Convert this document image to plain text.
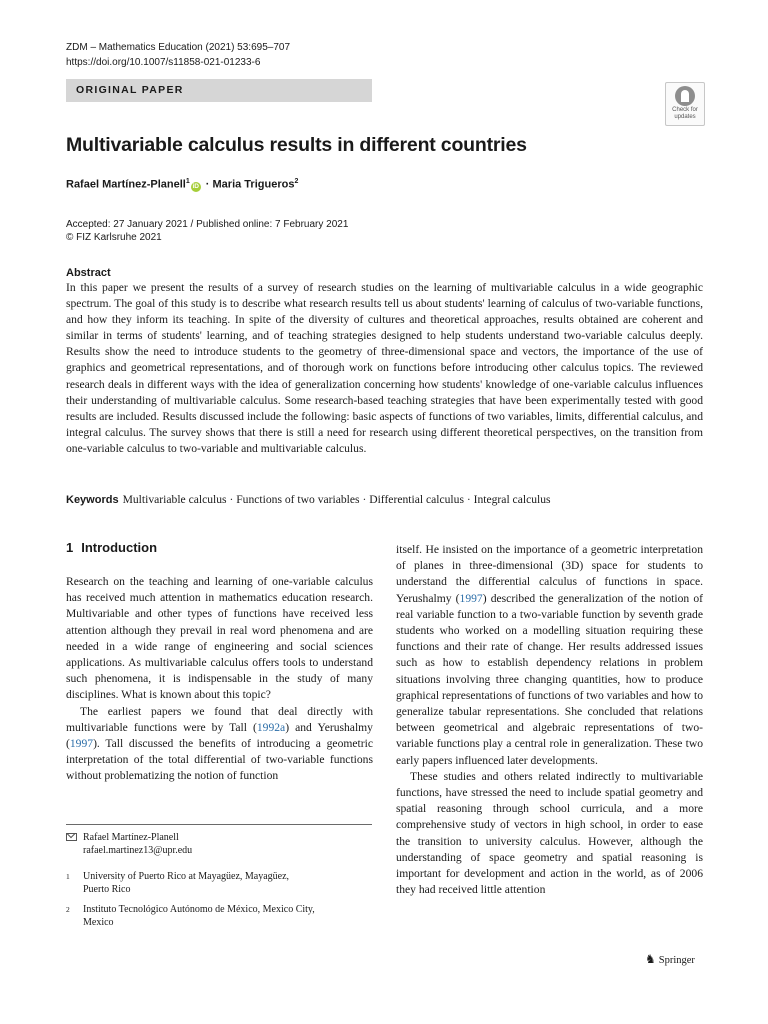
ZDM – Mathematics Education (2021) 53:695–707
https://doi.org/10.1007/s11858-021-01233-6
ORIGINAL PAPER
Check for
updates
Multivariable calculus results in different countries
Rafael Martínez-Planell$^1$iD · Maria Trigueros$^2$
Accepted: 27 January 2021 / Published online: 7 February 2021
© FIZ Karlsruhe 2021
Abstract

In this paper we present the results of a survey of research studies on the learning of multivariable calculus in a wide geographic spectrum. The goal of this study is to describe what research results tell us about students' learning of calculus of two-variable functions, and how they inform its teaching. In spite of the diversity of cultures and theoretical approaches, results obtained are coherent and similar in terms of students' learning, and of teaching strategies designed to help students understand two-variable calculus deeply. Results show the need to introduce students to the geometry of three-dimensional space and vectors, the importance of the use of graphics and geometrical representations, and of thorough work on functions before introducing other calculus topics. The reviewed research deals in different ways with the idea of generalization concerning how students' knowledge of one-variable calculus influences their understanding of multivariable calculus. Some research-based teaching strategies that have been experimentally tested with good results are included. Results discussed include the following: basic aspects of functions of two variables, limits, differential calculus, and integral calculus. The survey shows that there is still a need for research using different theoretical perspectives, on the transition from one-variable calculus to two-variable and multivariable calculus.

Keywords Multivariable calculus · Functions of two variables · Differential calculus · Integral calculus
1 Introduction

Research on the teaching and learning of one-variable calculus has received much attention in mathematics education research. Multivariable and other types of functions have received less attention although they prevail in real word phenomena and are needed in a wide range of engineering and social sciences applications. As multivariable calculus offers tools to understand such phenomena, it is indispensable in the study of many disciplines. What is known about this topic?

The earliest papers we found that deal directly with multivariable functions were by Tall (1992a) and Yerushalmy (1997). Tall discussed the benefits of introducing a geometric interpretation of the total differential of two-variable functions without problematizing the notion of function

itself. He insisted on the importance of a geometric interpretation of planes in three-dimensional (3D) space for students to understand the differential calculus of functions in space. Yerushalmy (1997) described the generalization of the notion of real variable function to a two-variable function by seventh grade students who worked on a modelling situation requiring these functions and their rate of change. Her results addressed issues such as how to establish dependency relations in problem situations involving three changing quantities, how to produce graphical representations of functions of two variables and how to generalize tabular representations. She concluded that relations between geometrical and algebraic representations of two-variable functions play a central role in generalization. These two early papers influenced later developments.

These studies and others related indirectly to multivariable functions, have stressed the need to include spatial geometry and spatial reasoning through school curricula, and a more comprehensive study of vectors in high school, in order to ease the transition to university calculus. However, although the understanding of space geometry and spatial reasoning is important for development and action in the world, as of 2006 they had received little attention

Rafael Martínez-Planell
rafael.martinez13@upr.edu
1 University of Puerto Rico at Mayagüez, Mayagüez,
Puerto Rico
2 Instituto Tecnológico Autónomo de México, Mexico City,
Mexico
♞ Springer
